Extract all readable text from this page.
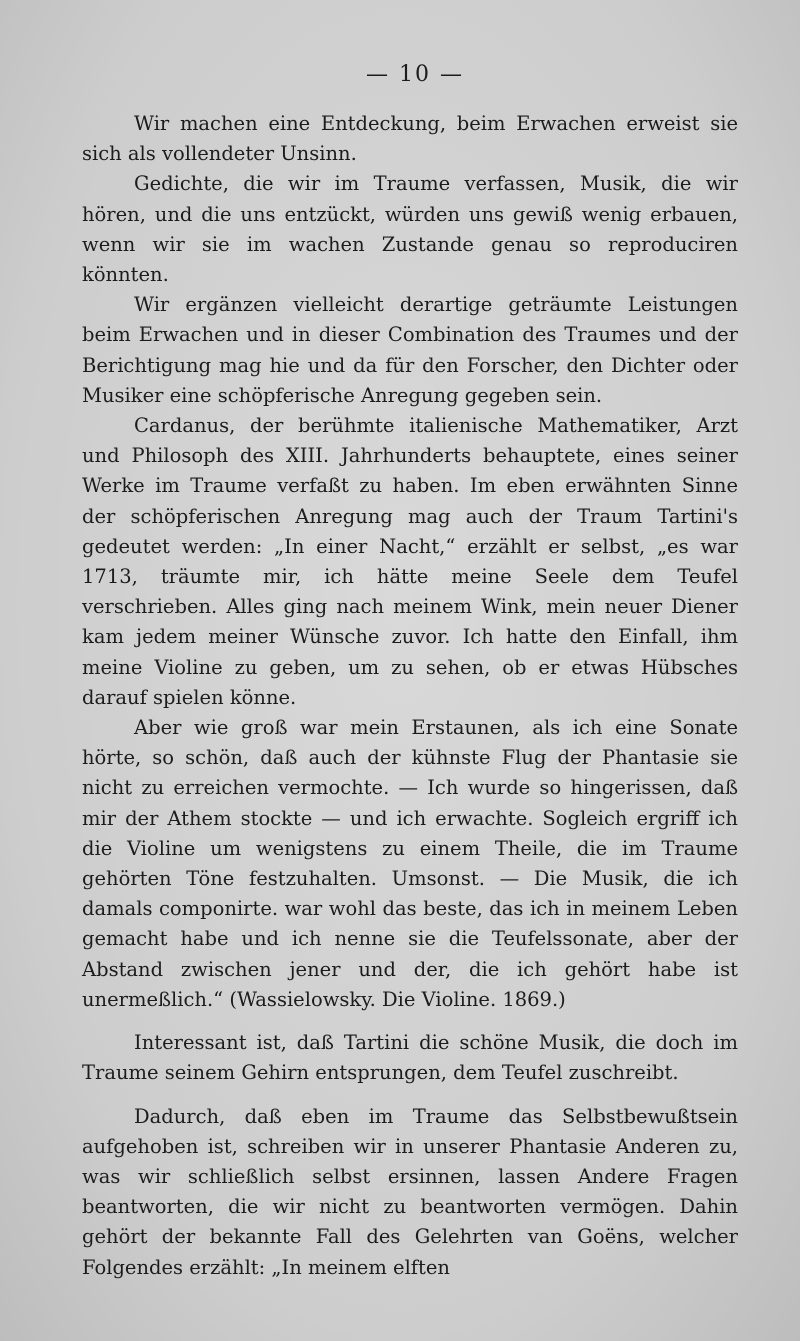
— 10 —

Wir machen eine Entdeckung, beim Erwachen erweist sie sich als vollendeter Unsinn.

Gedichte, die wir im Traume verfassen, Musik, die wir hören, und die uns entzückt, würden uns gewiß wenig erbauen, wenn wir sie im wachen Zustande genau so reproduciren könnten.

Wir ergänzen vielleicht derartige geträumte Leistungen beim Erwachen und in dieser Combination des Traumes und der Berichtigung mag hie und da für den Forscher, den Dichter oder Musiker eine schöpferische Anregung gegeben sein.

Cardanus, der berühmte italienische Mathematiker, Arzt und Philosoph des XIII. Jahrhunderts behauptete, eines seiner Werke im Traume verfaßt zu haben. Im eben erwähnten Sinne der schöpferischen Anregung mag auch der Traum Tartini's gedeutet werden: „In einer Nacht,“ erzählt er selbst, „es war 1713, träumte mir, ich hätte meine Seele dem Teufel verschrieben. Alles ging nach meinem Wink, mein neuer Diener kam jedem meiner Wünsche zuvor. Ich hatte den Einfall, ihm meine Violine zu geben, um zu sehen, ob er etwas Hübsches darauf spielen könne.

Aber wie groß war mein Erstaunen, als ich eine Sonate hörte, so schön, daß auch der kühnste Flug der Phantasie sie nicht zu erreichen vermochte. — Ich wurde so hingerissen, daß mir der Athem stockte — und ich erwachte. Sogleich ergriff ich die Violine um wenigstens zu einem Theile, die im Traume gehörten Töne festzuhalten. Umsonst. — Die Musik, die ich damals componirte. war wohl das beste, das ich in meinem Leben gemacht habe und ich nenne sie die Teufelssonate, aber der Abstand zwischen jener und der, die ich gehört habe ist unermeßlich.“ (Wassielowsky. Die Violine. 1869.)

Interessant ist, daß Tartini die schöne Musik, die doch im Traume seinem Gehirn entsprungen, dem Teufel zuschreibt.

Dadurch, daß eben im Traume das Selbstbewußtsein aufgehoben ist, schreiben wir in unserer Phantasie Anderen zu, was wir schließlich selbst ersinnen, lassen Andere Fragen beantworten, die wir nicht zu beantworten vermögen. Dahin gehört der bekannte Fall des Gelehrten van Goëns, welcher Folgendes erzählt: „In meinem elften
